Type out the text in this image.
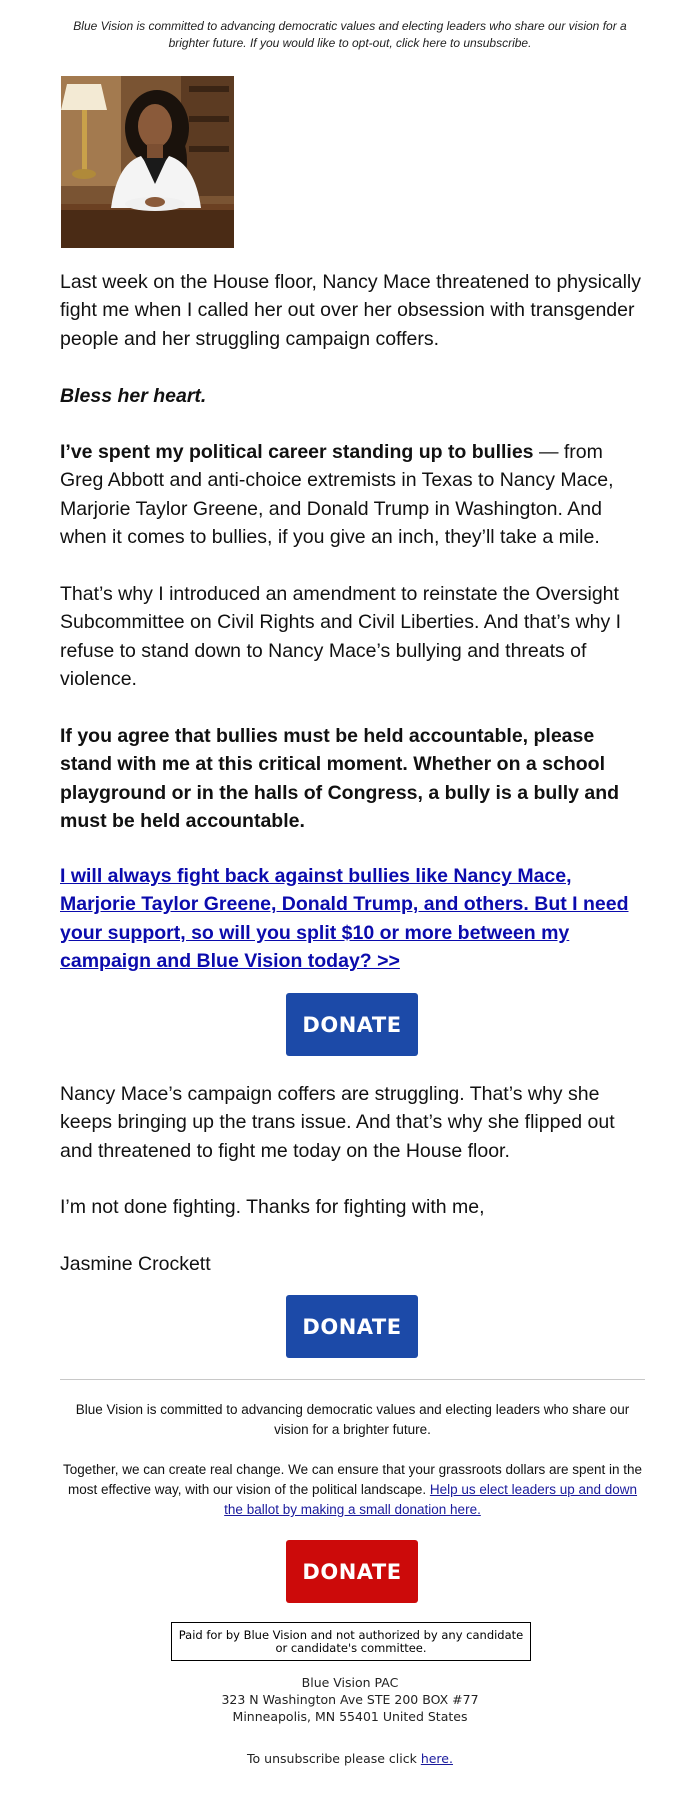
Blue Vision is committed to advancing democratic values and electing leaders who share our vision for a brighter future. If you would like to opt-out, click here to unsubscribe.
Last week on the House floor, Nancy Mace threatened to physically fight me when I called her out over her obsession with transgender people and her struggling campaign coffers.
Bless her heart.
I’ve spent my political career standing up to bullies — from Greg Abbott and anti-choice extremists in Texas to Nancy Mace, Marjorie Taylor Greene, and Donald Trump in Washington. And when it comes to bullies, if you give an inch, they’ll take a mile.
That’s why I introduced an amendment to reinstate the Oversight Subcommittee on Civil Rights and Civil Liberties. And that’s why I refuse to stand down to Nancy Mace’s bullying and threats of violence.
If you agree that bullies must be held accountable, please stand with me at this critical moment. Whether on a school playground or in the halls of Congress, a bully is a bully and must be held accountable.
I will always fight back against bullies like Nancy Mace, Marjorie Taylor Greene, Donald Trump, and others. But I need your support, so will you split $10 or more between my campaign and Blue Vision today? >>
DONATE
Nancy Mace’s campaign coffers are struggling. That’s why she keeps bringing up the trans issue. And that’s why she flipped out and threatened to fight me today on the House floor.
I’m not done fighting. Thanks for fighting with me,
Jasmine Crockett
DONATE
Blue Vision is committed to advancing democratic values and electing leaders who share our vision for a brighter future.
Together, we can create real change. We can ensure that your grassroots dollars are spent in the most effective way, with our vision of the political landscape. Help us elect leaders up and down the ballot by making a small donation here.
DONATE
Paid for by Blue Vision and not authorized by any candidate or candidate's committee.
Blue Vision PAC
323 N Washington Ave STE 200 BOX #77
Minneapolis, MN 55401 United States
To unsubscribe please click here.
